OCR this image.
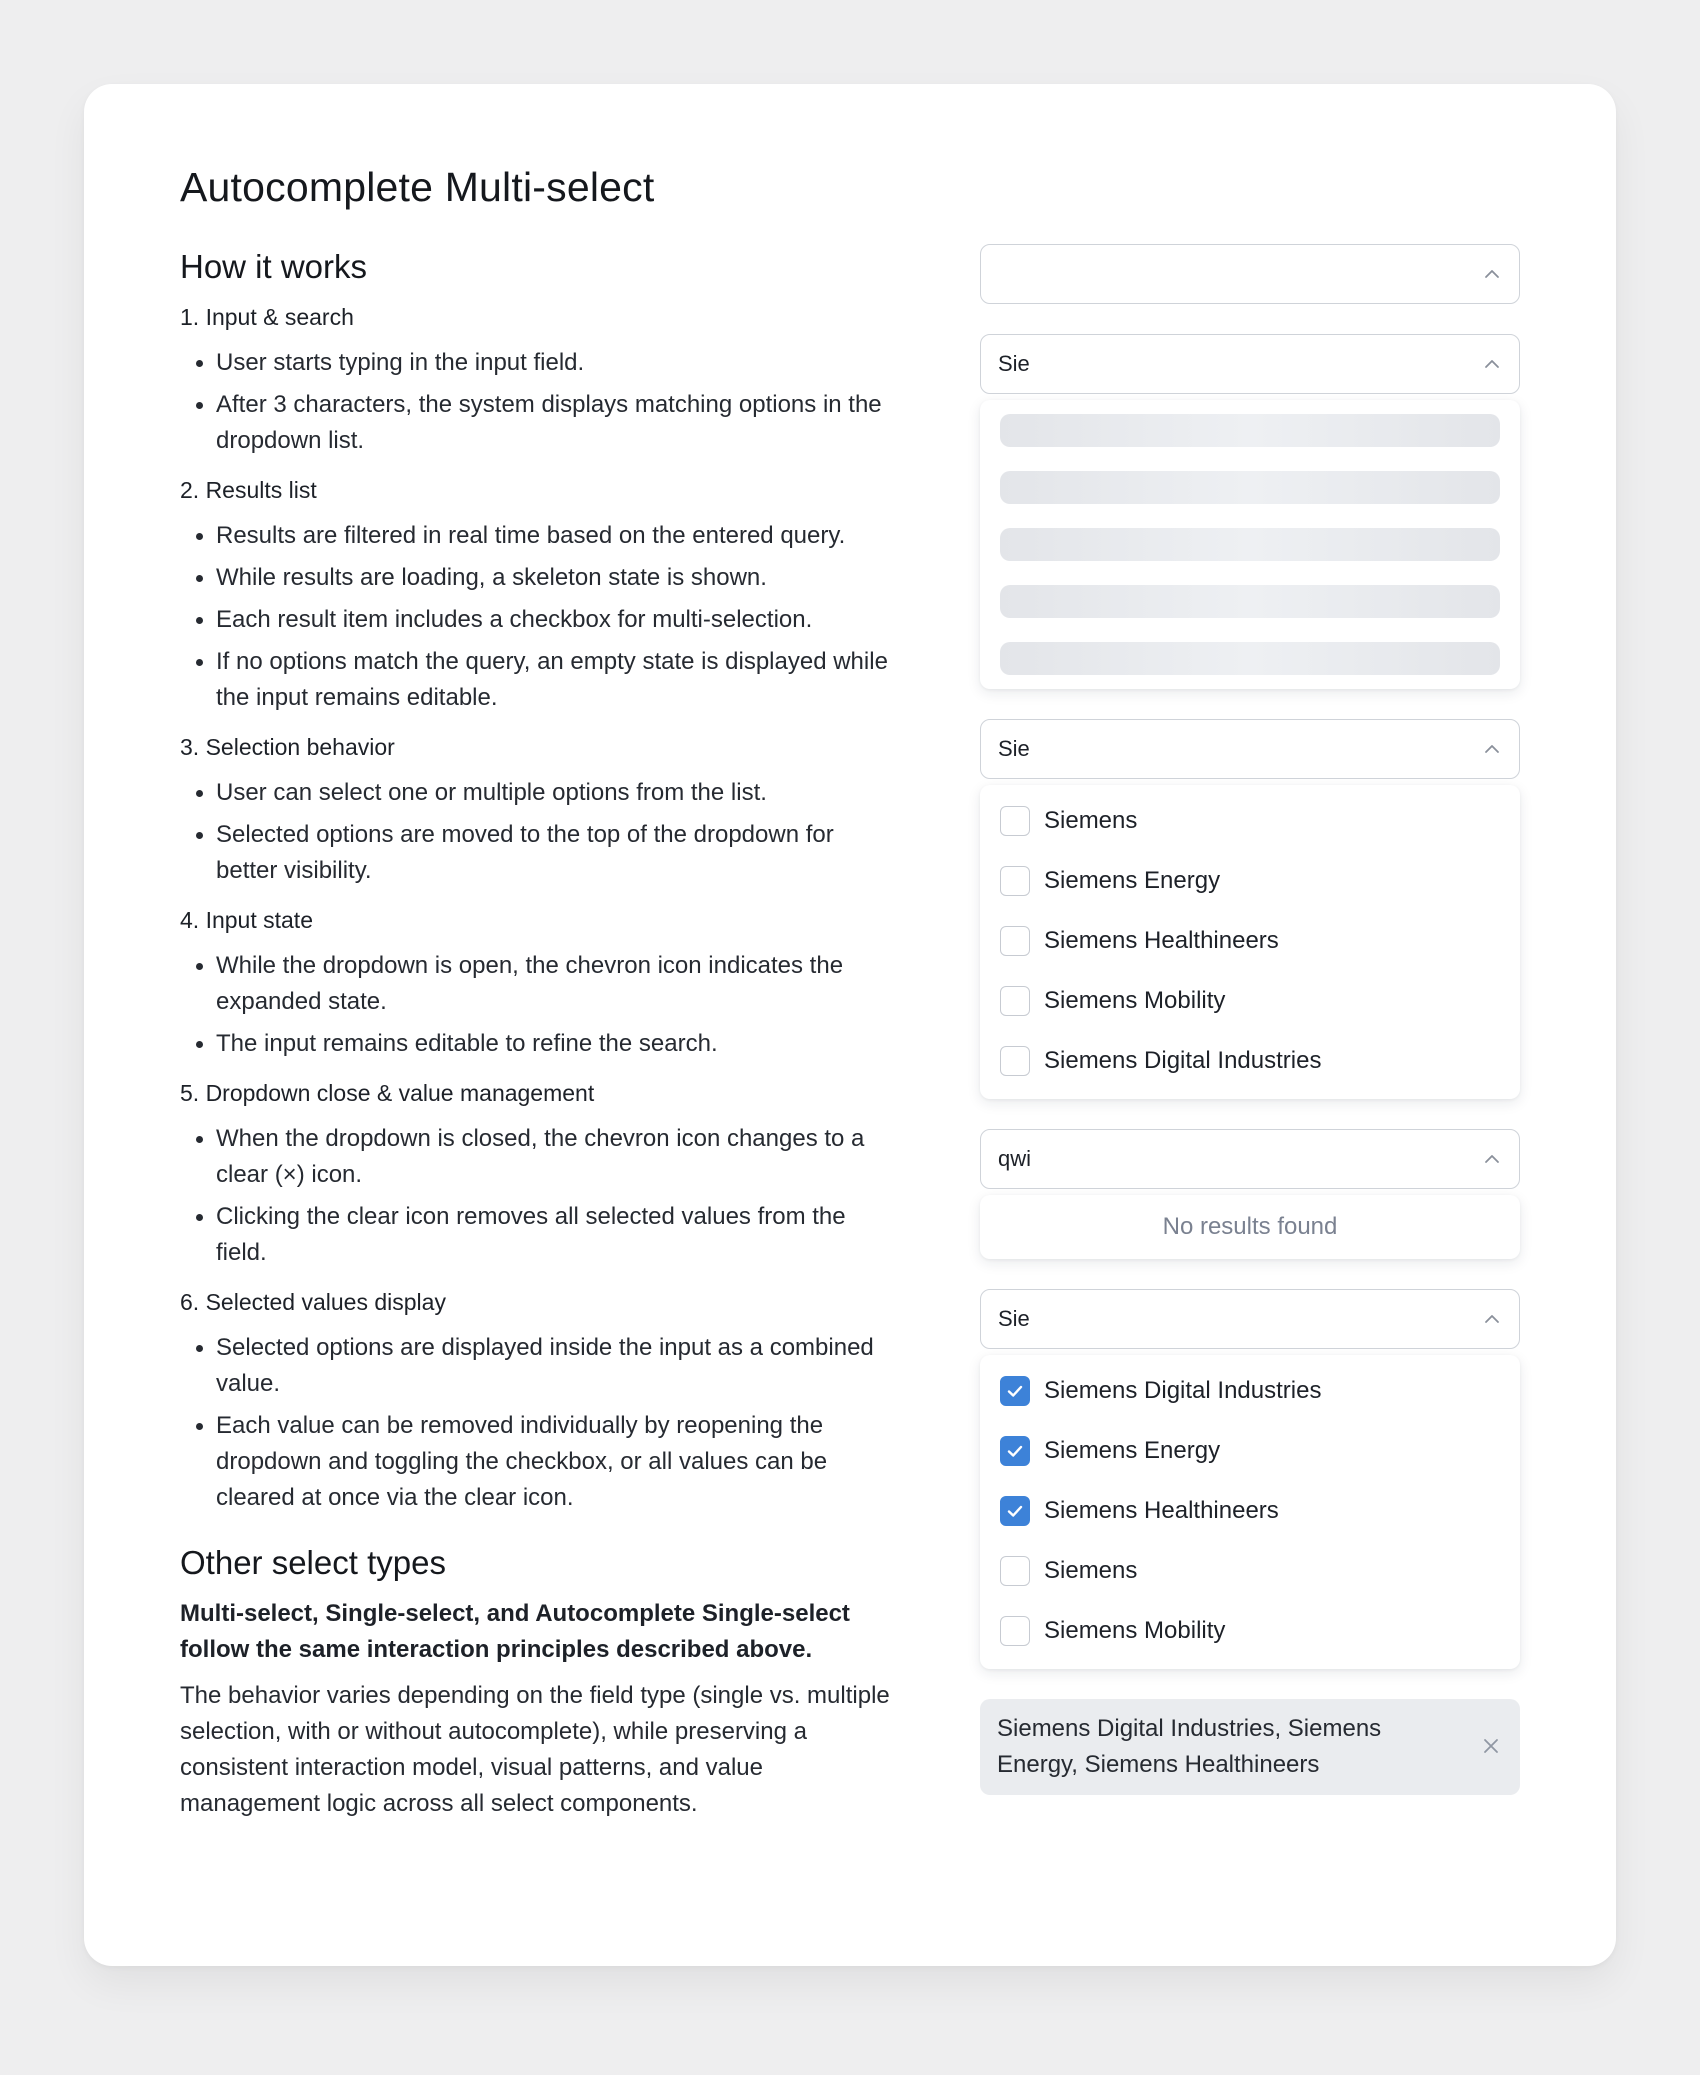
Autocomplete Multi-select
How it works
1. Input & search
User starts typing in the input field.
After 3 characters, the system displays matching options in the dropdown list.
2. Results list
Results are filtered in real time based on the entered query.
While results are loading, a skeleton state is shown.
Each result item includes a checkbox for multi-selection.
If no options match the query, an empty state is displayed while the input remains editable.
3. Selection behavior
User can select one or multiple options from the list.
Selected options are moved to the top of the dropdown for better visibility.
4. Input state
While the dropdown is open, the chevron icon indicates the expanded state.
The input remains editable to refine the search.
5. Dropdown close & value management
When the dropdown is closed, the chevron icon changes to a clear (×) icon.
Clicking the clear icon removes all selected values from the field.
6. Selected values display
Selected options are displayed inside the input as a combined value.
Each value can be removed individually by reopening the dropdown and toggling the checkbox, or all values can be cleared at once via the clear icon.
Other select types

Multi-select, Single-select, and Autocomplete Single-select follow the same interaction principles described above.

The behavior varies depending on the field type (single vs. multiple selection, with or without autocomplete), while preserving a consistent interaction model, visual patterns, and value management logic across all select components.

Sie
Sie
Siemens
Siemens Energy
Siemens Healthineers
Siemens Mobility
Siemens Digital Industries
qwi
No results found
Sie
Siemens Digital Industries
Siemens Energy
Siemens Healthineers
Siemens
Siemens Mobility
Siemens Digital Industries, Siemens Energy, Siemens Healthineers
